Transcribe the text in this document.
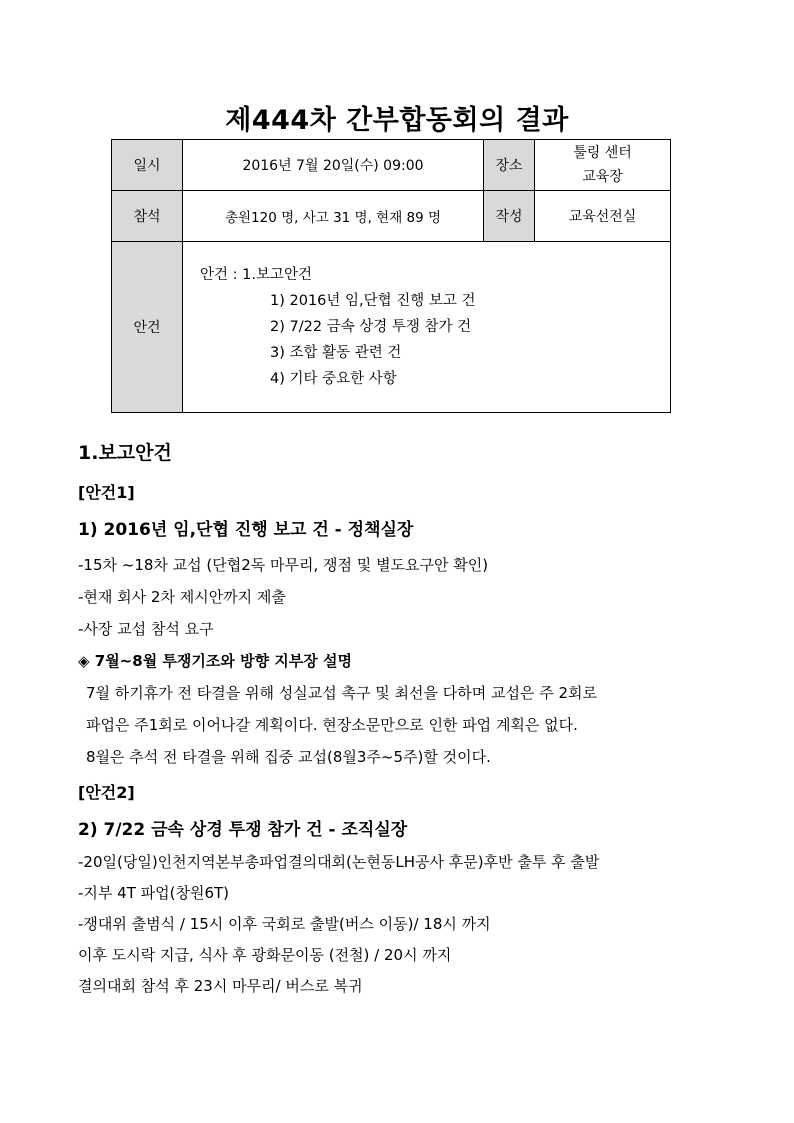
제444차 간부합동회의 결과
일시	2016년 7월 20일(수) 09:00	장소	툴링 센터
교육장

참석	총원120 명, 사고 31 명, 현재 89 명	작성	교육선전실
안건	안건 : 1.보고안건
1) 2016년 임,단협 진행 보고 건
2) 7/22 금속 상경 투쟁 참가 건
3) 조합 활동 관련 건
4) 기타 중요한 사항		
1.보고안건
[안건1]
1) 2016년 임,단협 진행 보고 건 - 정책실장
-15차 ~18차 교섭 (단협2독 마무리, 쟁점 및 별도요구안 확인)
-현재 회사 2차 제시안까지 제출
-사장 교섭 참석 요구
◈ 7월~8월 투쟁기조와 방향 지부장 설명
7월 하기휴가 전 타결을 위해 성실교섭 촉구 및 최선을 다하며 교섭은 주 2회로
파업은 주1회로 이어나갈 계획이다. 현장소문만으로 인한 파업 계획은 없다.
8월은 추석 전 타결을 위해 집중 교섭(8월3주~5주)할 것이다.
[안건2]
2) 7/22 금속 상경 투쟁 참가 건 - 조직실장
-20일(당일)인천지역본부총파업결의대회(논현동LH공사 후문)후반 출투 후 출발
-지부 4T 파업(창원6T)
-쟁대위 출범식 / 15시 이후 국회로 출발(버스 이동)/ 18시 까지
이후 도시락 지급, 식사 후 광화문이동 (전철) / 20시 까지
결의대회 참석 후 23시 마무리/ 버스로 복귀
